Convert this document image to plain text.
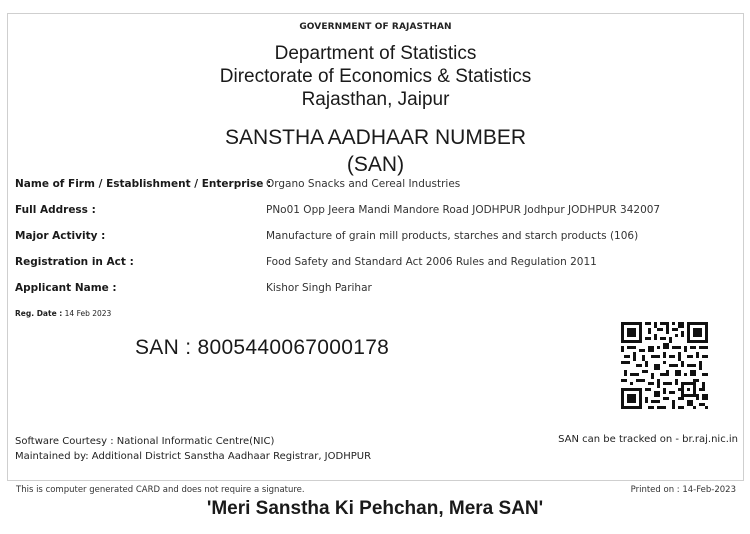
GOVERNMENT OF RAJASTHAN
Department of Statistics
Directorate of Economics & Statistics
Rajasthan, Jaipur
SANSTHA AADHAAR NUMBER
(SAN)
Name of Firm / Establishment / Enterprise :
Organo Snacks and Cereal Industries
Full Address :	PNo01 Opp Jeera Mandi Mandore Road JODHPUR Jodhpur JODHPUR 342007
Major Activity :	Manufacture of grain mill products, starches and starch products (106)
Registration in Act :	Food Safety and Standard Act 2006 Rules and Regulation 2011
Applicant Name :	Kishor Singh Parihar
Reg. Date : 14 Feb 2023
SAN : 8005440067000178
Software Courtesy : National Informatic Centre(NIC)
Maintained by: Additional District Sanstha Aadhaar Registrar, JODHPUR
SAN can be tracked on - br.raj.nic.in
This is computer generated CARD and does not require a signature.	Printed on : 14-Feb-2023
'Meri Sanstha Ki Pehchan, Mera SAN'
